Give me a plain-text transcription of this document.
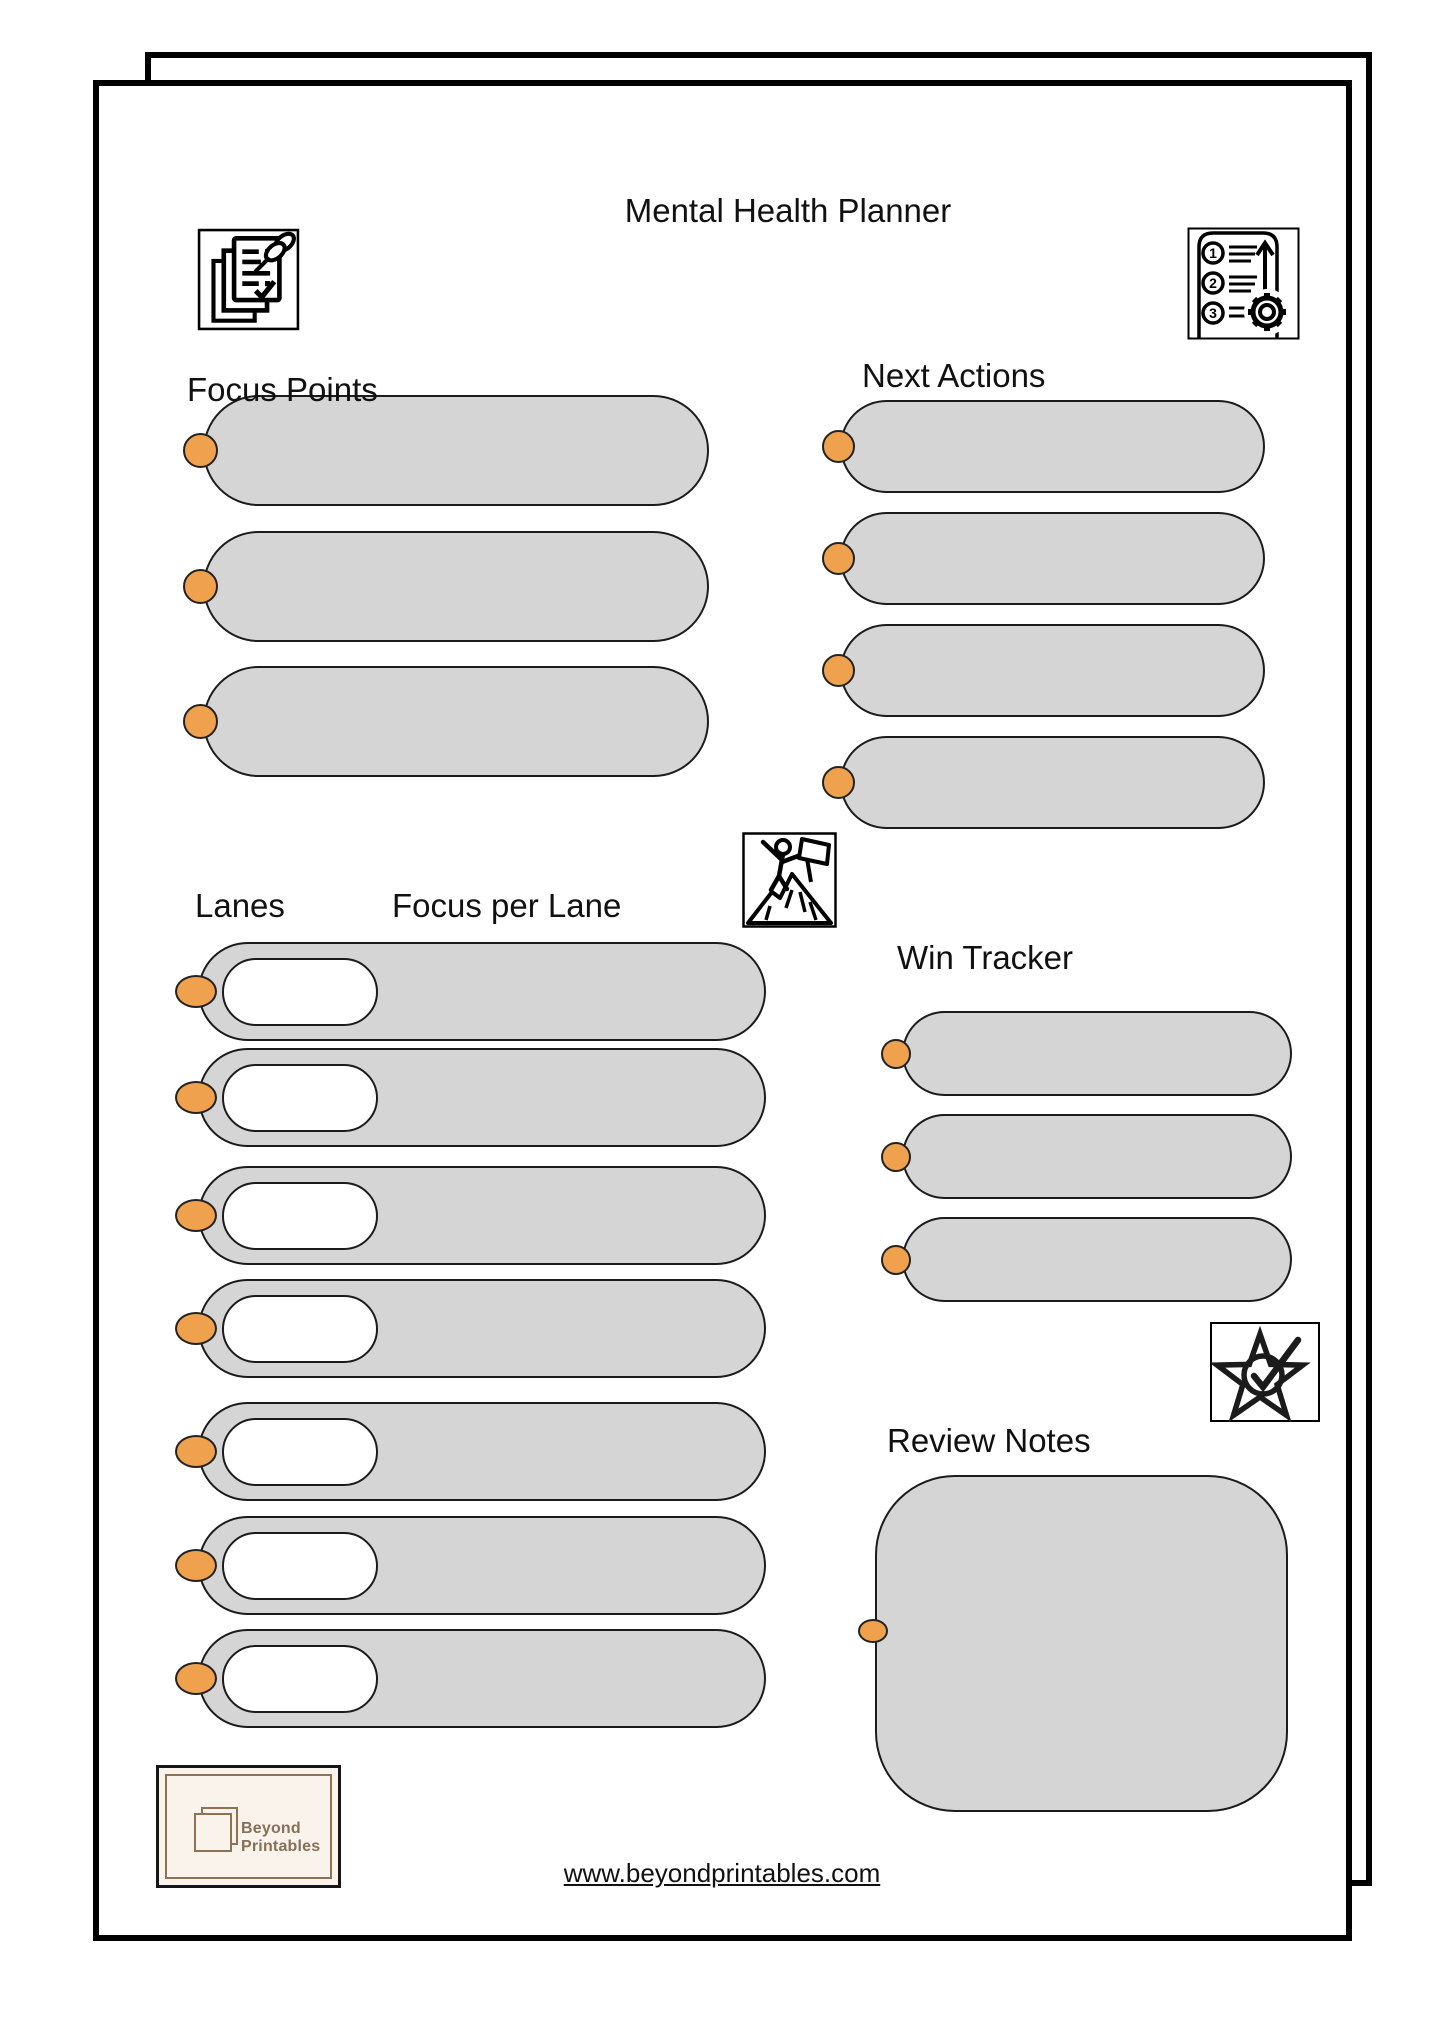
Mental Health Planner
1
2
3
Focus Points	Next Actions
Lanes	Focus per Lane
Win Tracker
Review Notes
Beyond
Printables
www.beyondprintables.com
